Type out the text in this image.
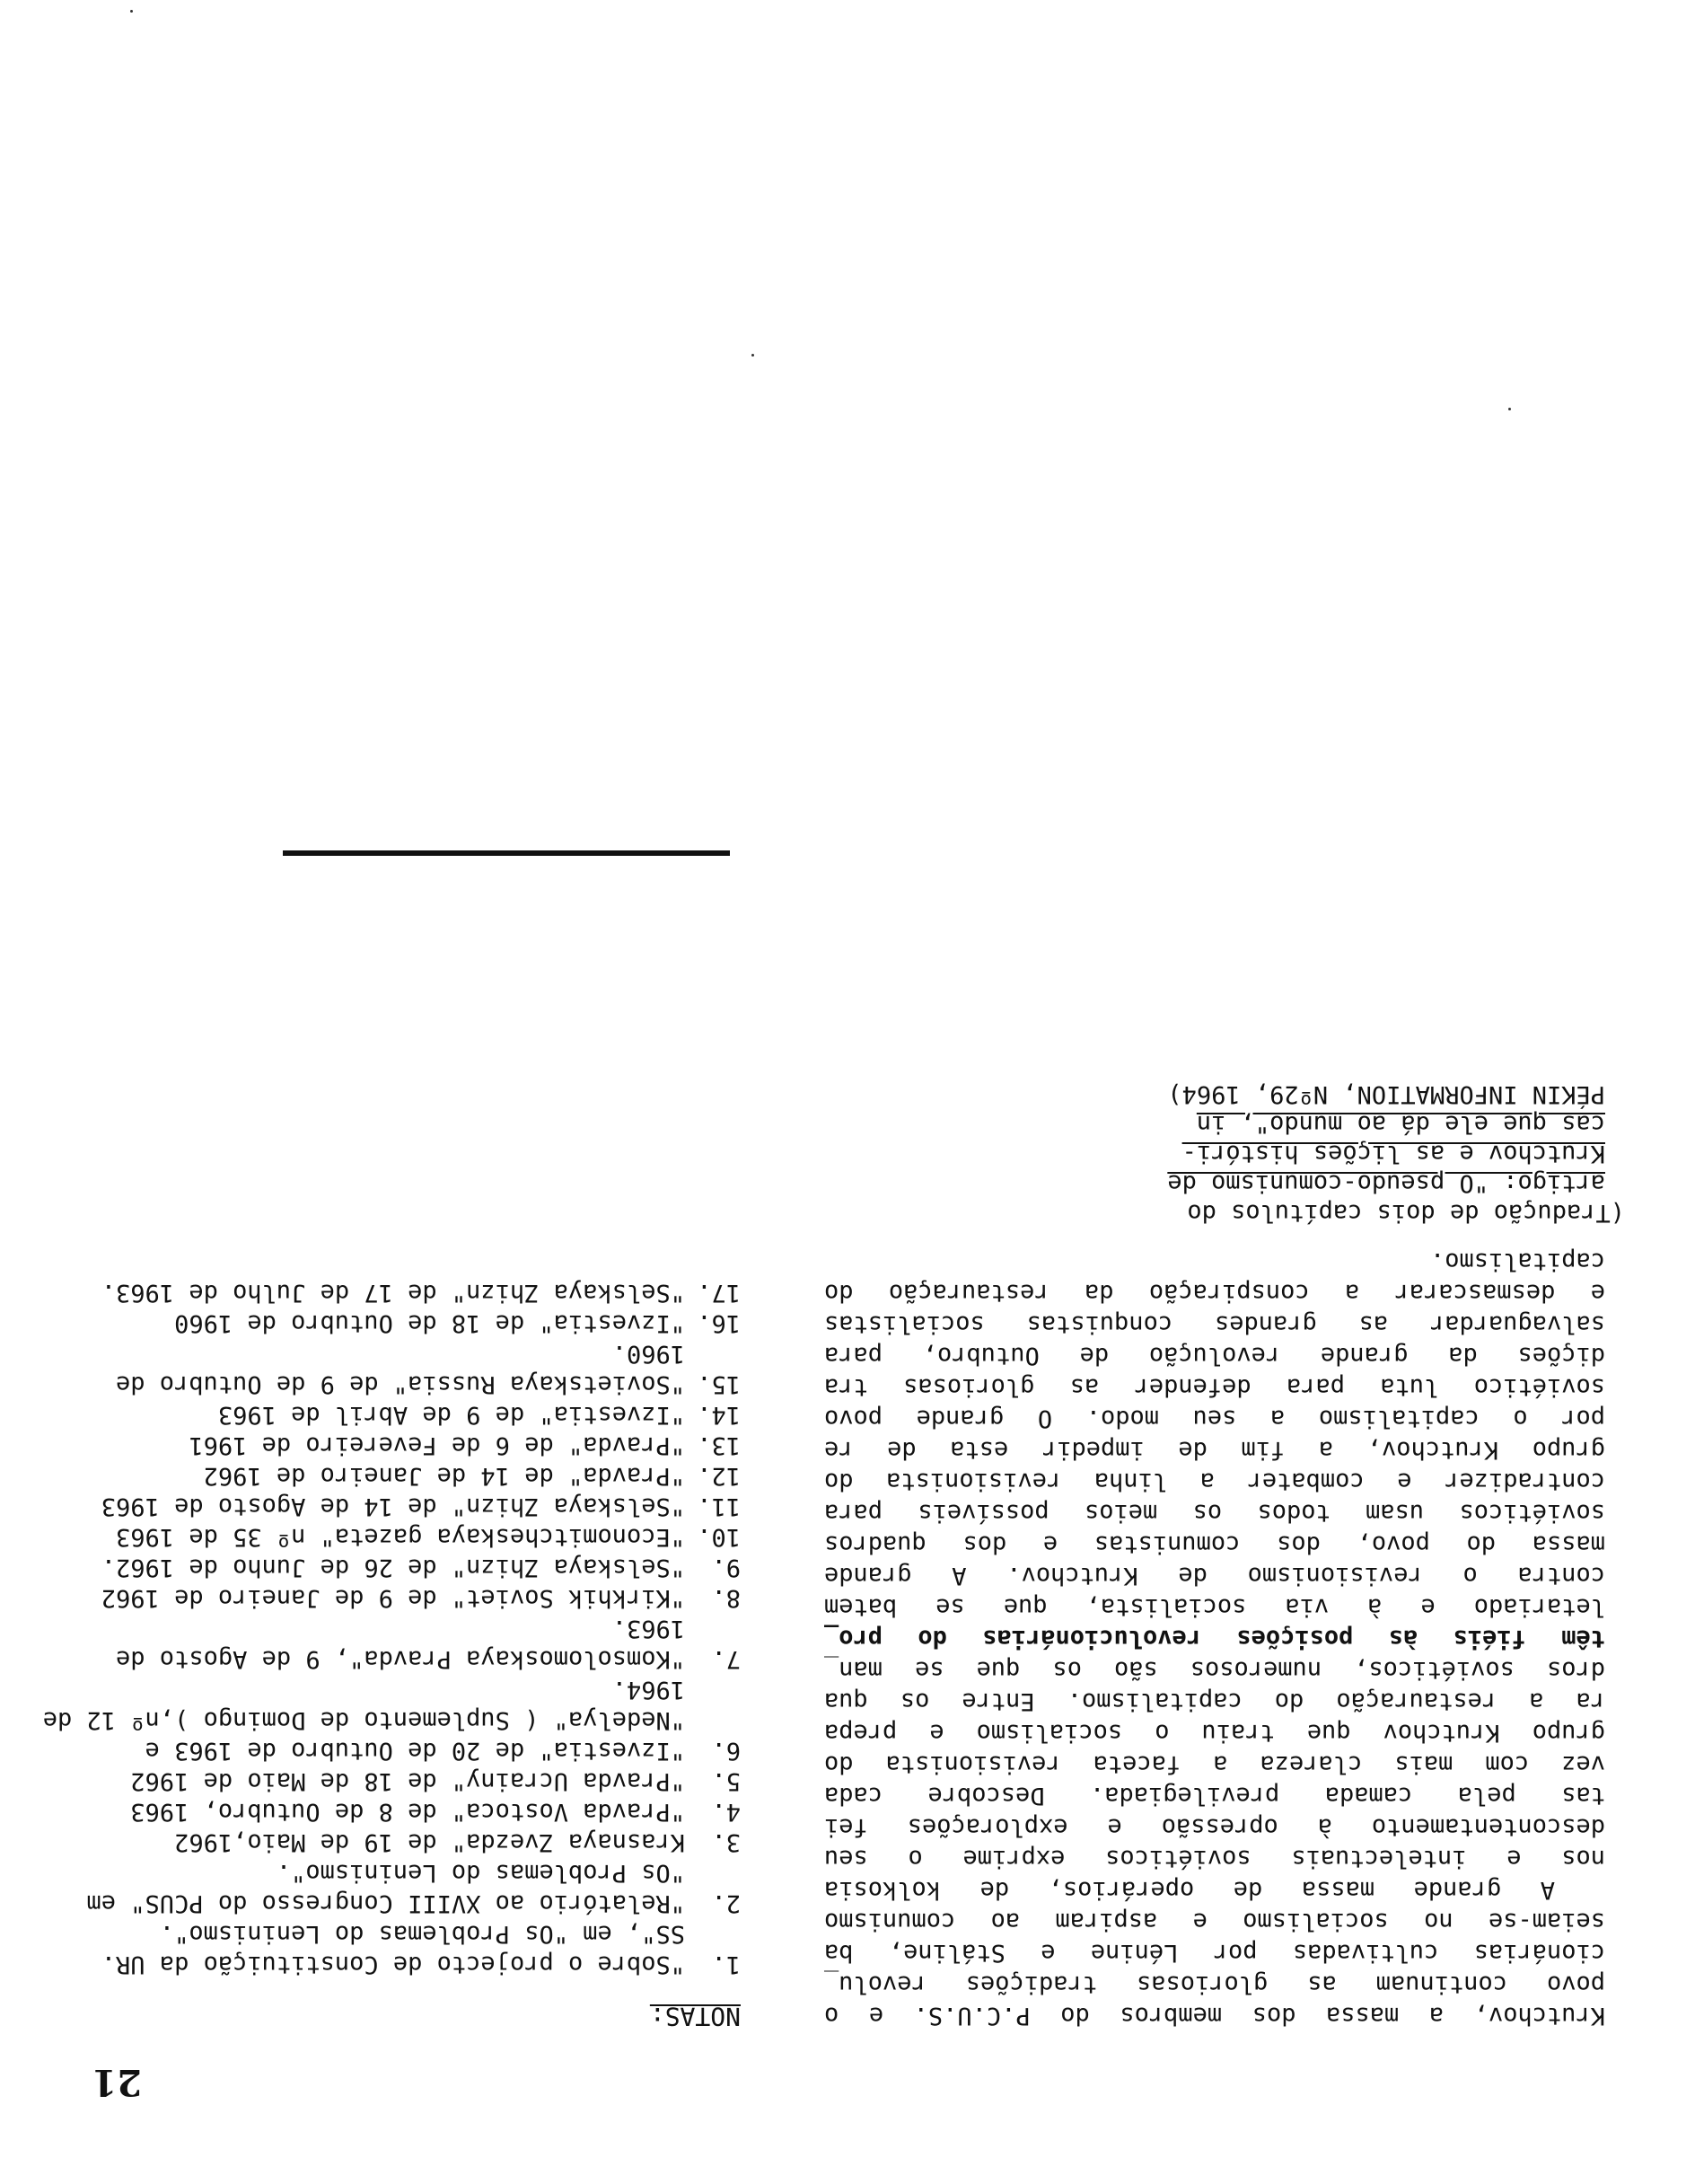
21
Krutchov, a massa dos membros do P.C.U.S. e o
povo continuam as gloriosas tradições revolu_
cionárias cultivadas por Lénine e Stáline, ba
seiam-se no socialismo e aspiram ao comunismo
A grande massa de operários, de kolkosia
nos e intelectuais soviéticos exprime o seu
descontentamento à opressão e explorações fei
tas pela camada previlegiada. Descobre cada
vez com mais clareza a faceta revisionista do
grupo Krutchov que traiu o socialismo e prepa
ra a restauração do capitalismo. Entre os qua
dros soviéticos, numerosos são os que se man_
têm fiéis às posições revolucionárias do pro_
letariado e à via socialista, que se batem
contra o revisionismo de Krutchov. A grande
massa do povo, dos comunistas e dos quadros
soviéticos usam todos os meios possíveis para
contradizer e combater a linha revisionista do
grupo Krutchov, a fim de impedir esta de re
por o capitalismo a seu modo. O grande povo
soviético luta para defender as gloriosas tra
dições da grande revolução de Outubro, para
salvaguardar as grandes conquistas socialistas
e desmascarar a conspiração da restauração do
capitalismo.
(Tradução de dois capítulos do
artigo: "O pseudo-comunismo de
Krutchov e as lições históri-
cas que ele dá ao mundo", in
PÉKIN INFORMATION, Nº29, 1964)
NOTAS:
1.
"Sobre o projecto de Constituição da UR. SS", em "Os Problemas do Leninismo".
2.
"Relatório ao XVIII Congresso do PCUS" em "Os Problemas do Leninismo".
3.
Krasnaya Zvezda" de 19 de Maio,1962
4.
"Pravda Vostoca" de 8 de Outubro, 1963
5.
"Pravda Ucrainy" de 18 de Maio de 1962
6.
"Izvestia" de 20 de Outubro de 1963 e "Nedelya" ( Suplemento de Domingo ),nº 12 de 1964.
7.
"Komsolomoskaya Pravda", 9 de Agosto de 1963.
8.
"Kirkhik Soviet" de 9 de Janeiro de 1962
9.
"Selskaya Zhizn" de 26 de Junho de 1962.
10.
"Economitcheskaya gazeta" nº 35 de 1963
11.
"Selskaya Zhizn" de 14 de Agosto de 1963
12.
"Pravda" de 14 de Janeiro de 1962
13.
"Pravda" de 6 de Fevereiro de 1961
14.
"Izvestia" de 9 de Abril de 1963
15.
"Sovietskaya Russia" de 9 de Outubro de 1960.
16.
"Izvestia" de 18 de Outubro de 1960
17.
"Selskaya Zhizn" de 17 de Julho de 1963.
